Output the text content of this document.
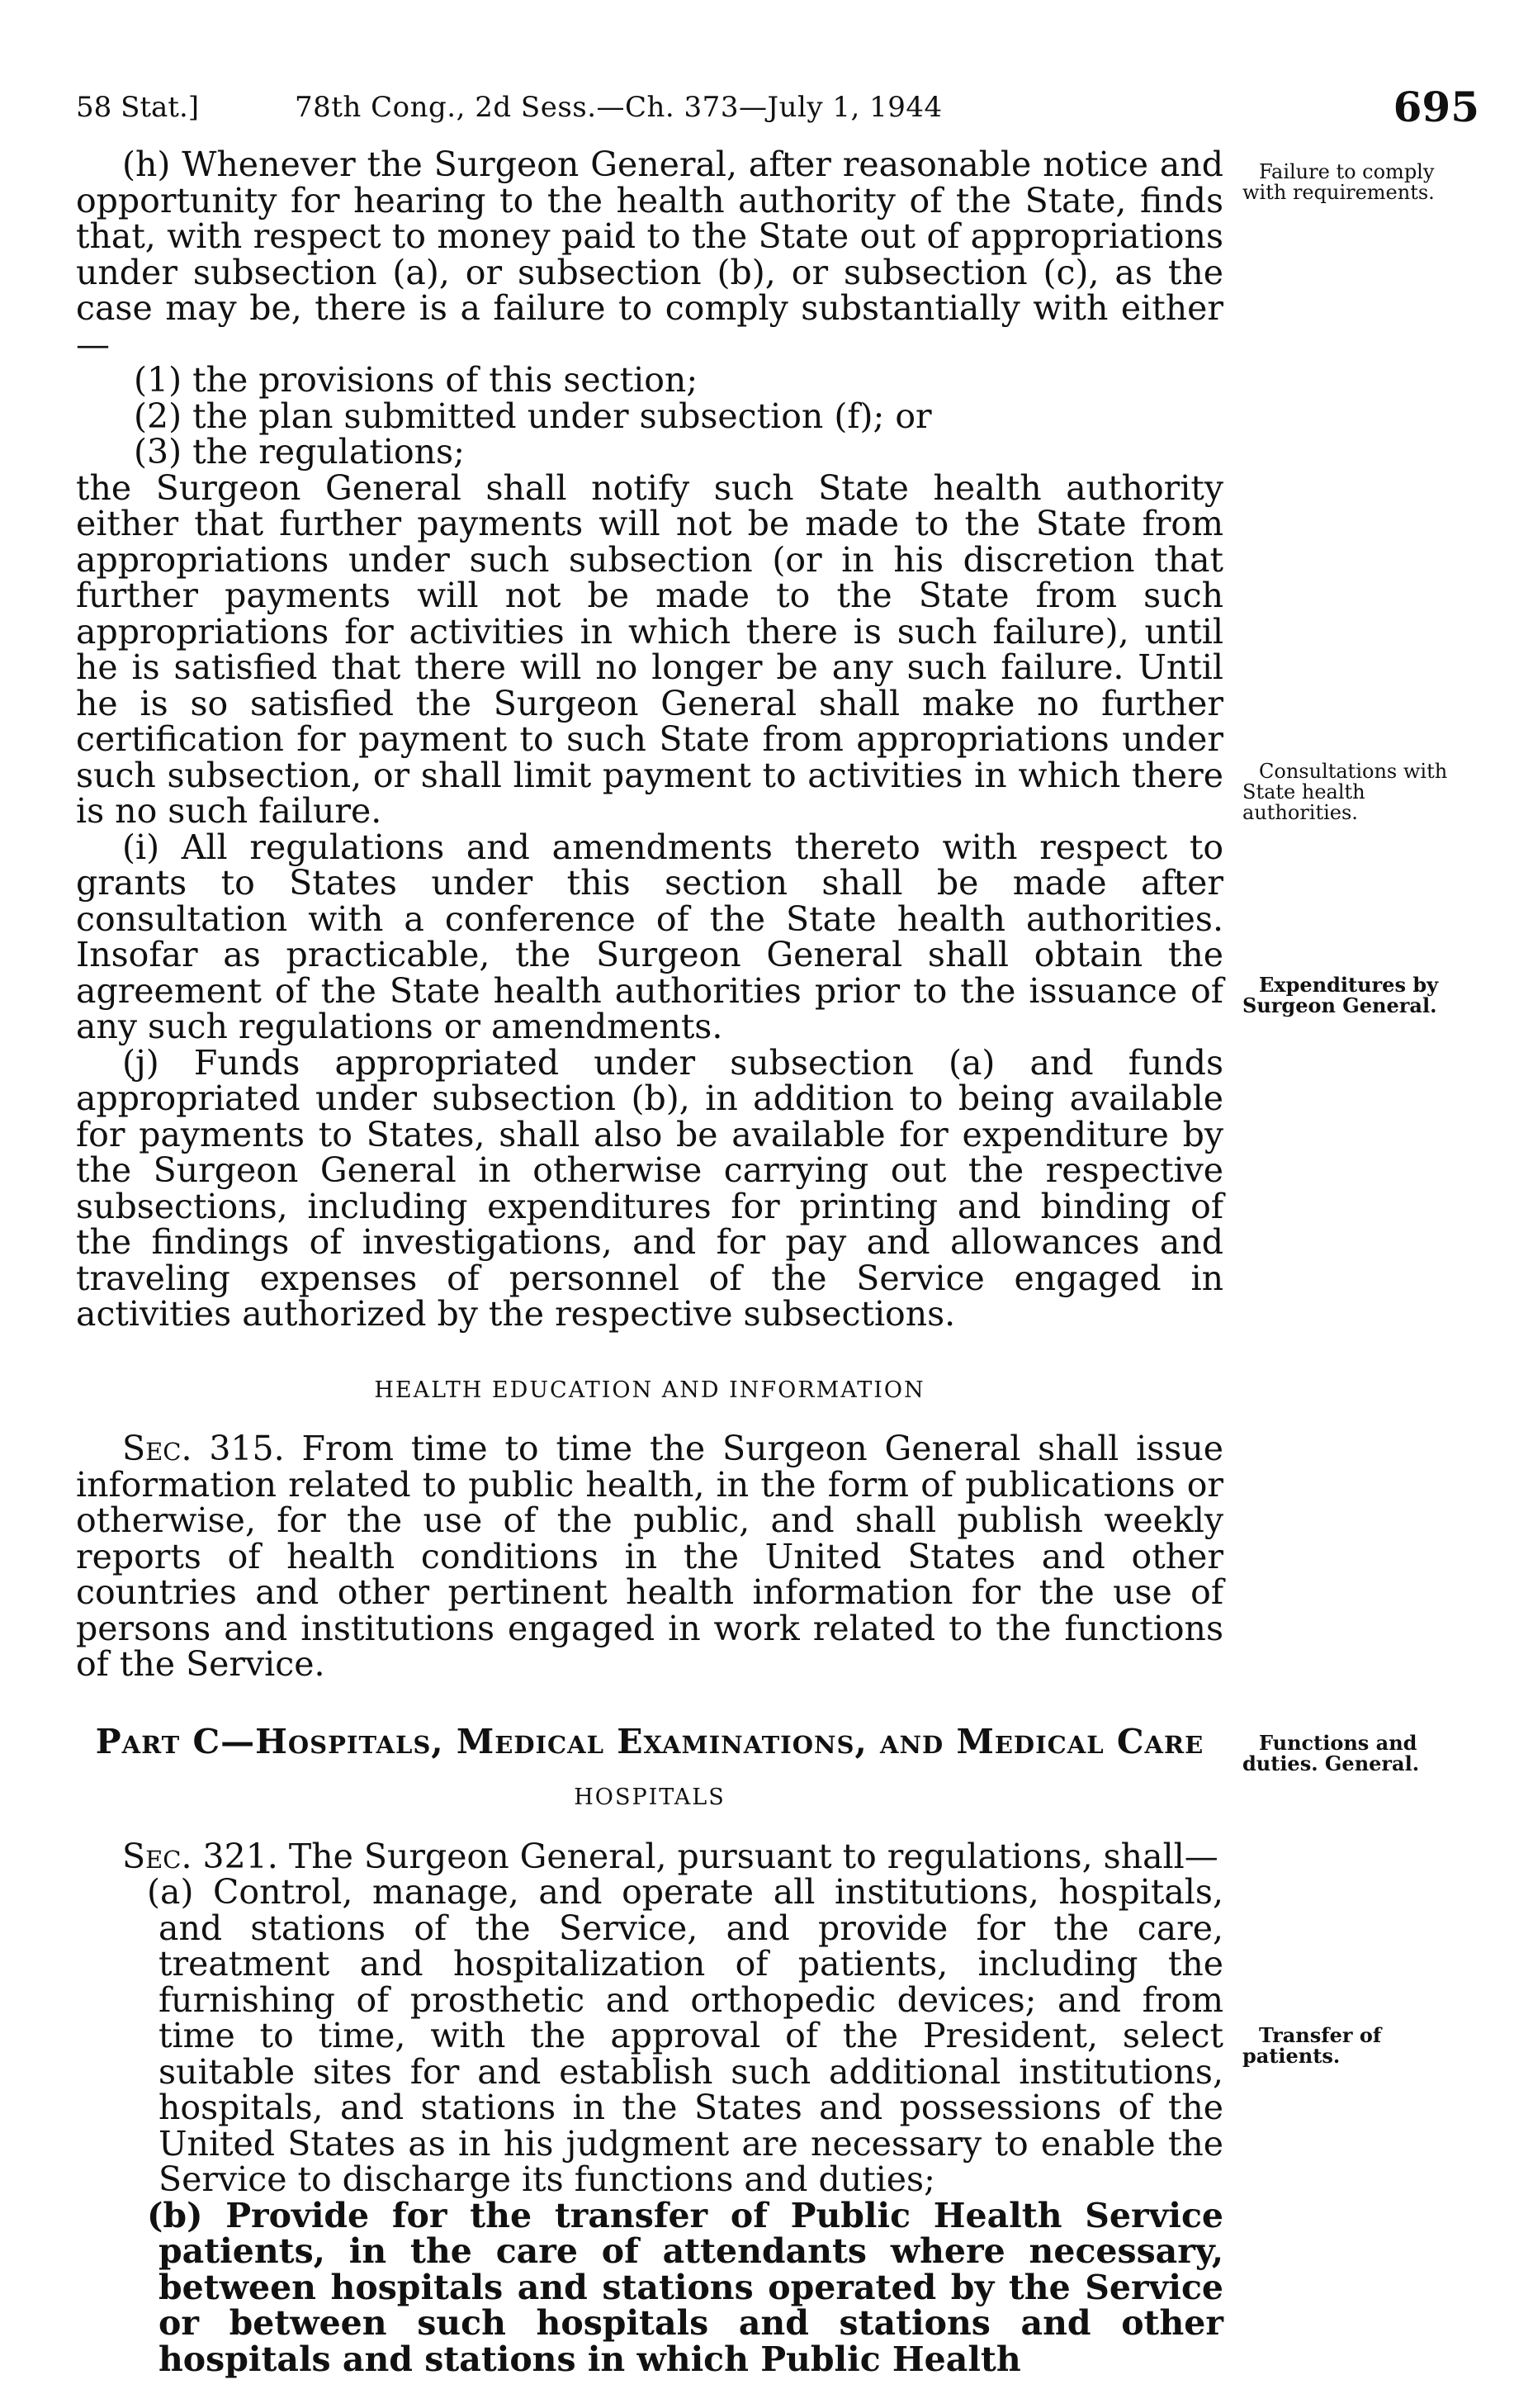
58 Stat.]	78th Cong., 2d Sess.—Ch. 373—July 1, 1944	695

(h) Whenever the Surgeon General, after reasonable notice and opportunity for hearing to the health authority of the State, finds that, with respect to money paid to the State out of appropriations under subsection (a), or subsection (b), or subsection (c), as the case may be, there is a failure to comply substantially with either—

(1) the provisions of this section;

(2) the plan submitted under subsection (f); or

(3) the regulations;

the Surgeon General shall notify such State health authority either that further payments will not be made to the State from appropriations under such subsection (or in his discretion that further payments will not be made to the State from such appropriations for activities in which there is such failure), until he is satisfied that there will no longer be any such failure. Until he is so satisfied the Surgeon General shall make no further certification for payment to such State from appropriations under such subsection, or shall limit payment to activities in which there is no such failure.

(i) All regulations and amendments thereto with respect to grants to States under this section shall be made after consultation with a conference of the State health authorities. Insofar as practicable, the Surgeon General shall obtain the agreement of the State health authorities prior to the issuance of any such regulations or amendments.

(j) Funds appropriated under subsection (a) and funds appropriated under subsection (b), in addition to being available for payments to States, shall also be available for expenditure by the Surgeon General in otherwise carrying out the respective subsections, including expenditures for printing and binding of the findings of investigations, and for pay and allowances and traveling expenses of personnel of the Service engaged in activities authorized by the respective subsections.

HEALTH EDUCATION AND INFORMATION

Sec. 315. From time to time the Surgeon General shall issue information related to public health, in the form of publications or otherwise, for the use of the public, and shall publish weekly reports of health conditions in the United States and other countries and other pertinent health information for the use of persons and institutions engaged in work related to the functions of the Service.

Part C—Hospitals, Medical Examinations, and Medical Care
HOSPITALS

Sec. 321. The Surgeon General, pursuant to regulations, shall—

(a) Control, manage, and operate all institutions, hospitals, and stations of the Service, and provide for the care, treatment and hospitalization of patients, including the furnishing of prosthetic and orthopedic devices; and from time to time, with the approval of the President, select suitable sites for and establish such additional institutions, hospitals, and stations in the States and possessions of the United States as in his judgment are necessary to enable the Service to discharge its functions and duties;

(b) Provide for the transfer of Public Health Service patients, in the care of attendants where necessary, between hospitals and stations operated by the Service or between such hospitals and stations and other hospitals and stations in which Public Health

Failure to comply with requirements.
Consultations with State health authorities.
Expenditures by Surgeon General.
Functions and duties. General.
Transfer of patients.
